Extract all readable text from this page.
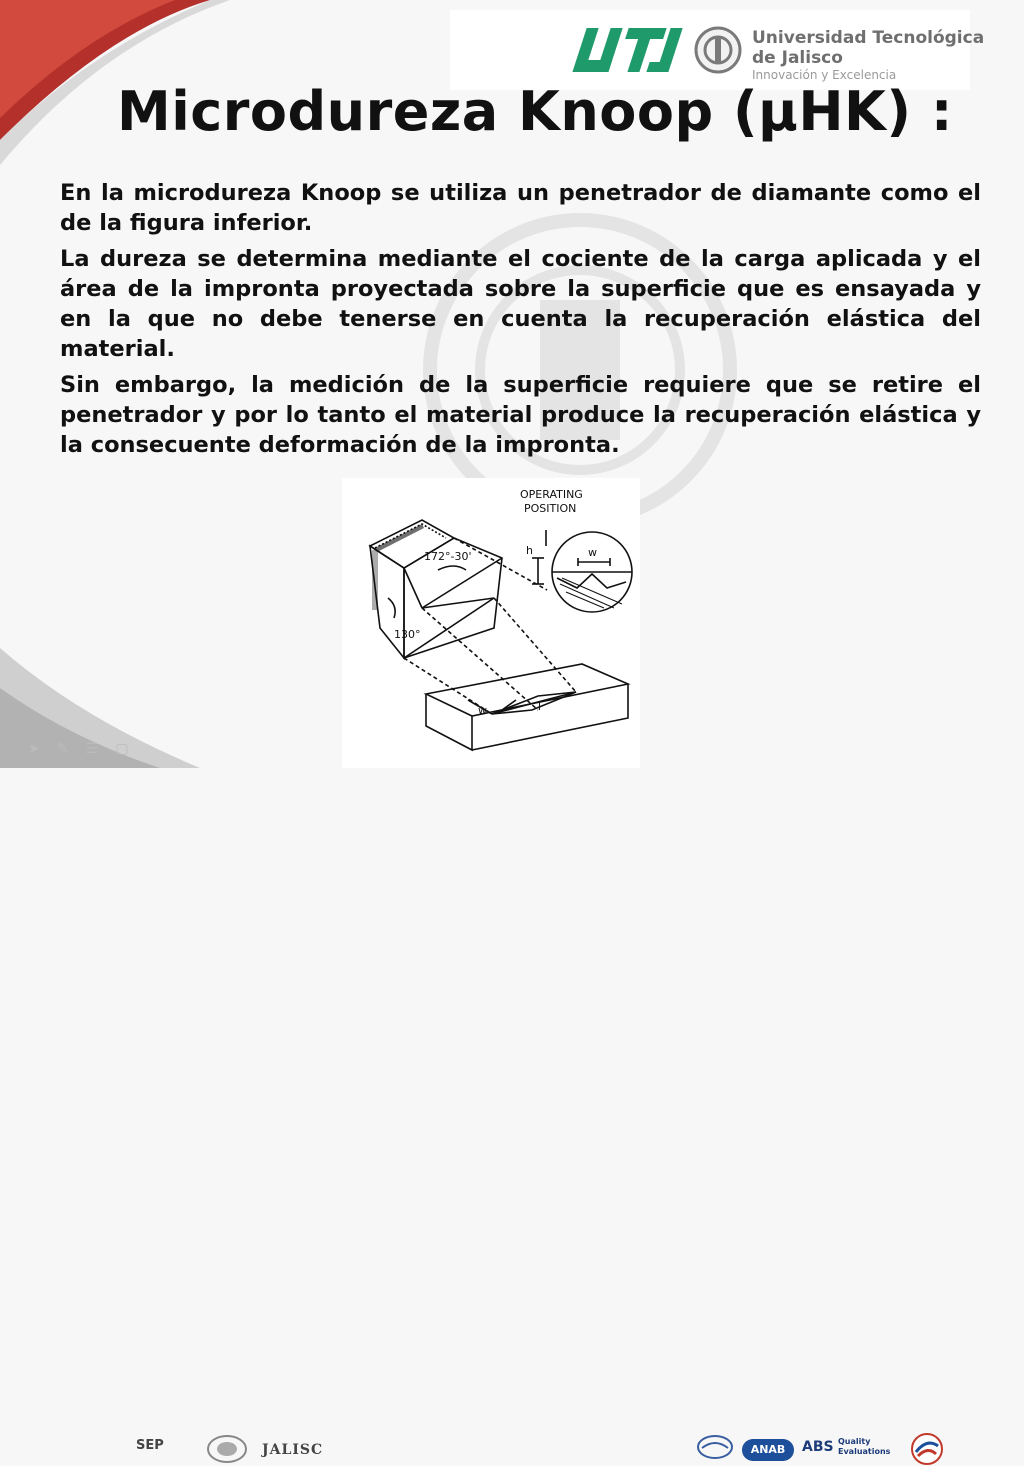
Universidad Tecnológica
de Jalisco
Innovación y Excelencia
Microdureza Knoop (µHK) :

En la microdureza Knoop se utiliza un penetrador de diamante como el de la figura inferior.

La dureza se determina mediante el cociente de la carga aplicada y el área de la impronta proyectada sobre la superficie que es ensayada y en la que no debe tenerse en cuenta la recuperación elástica del material.

Sin embargo, la medición de la superficie requiere que se retire el penetrador y por lo tanto el material produce la recuperación elástica y la consecuente deformación de la impronta.

OPERATING
POSITION
172°-30'
130°
h	w
w	l
➤ ✎ ☰ ▢
SEP	JALISC	ANAB	ABS Quality
Evaluations
